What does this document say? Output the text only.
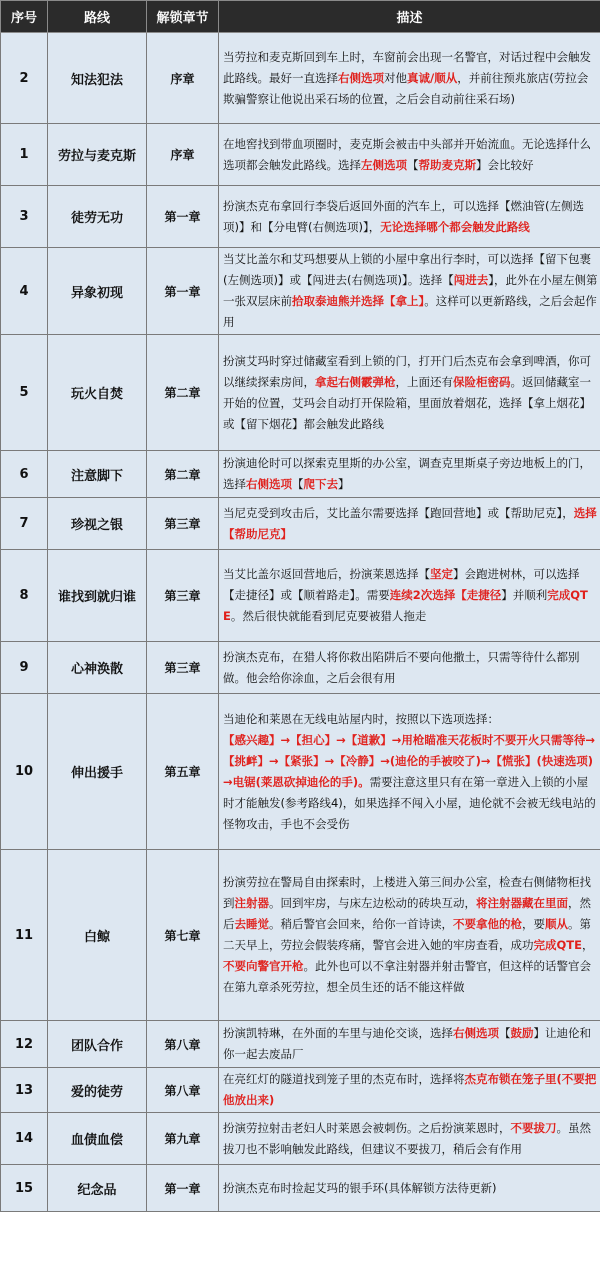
序号	路线	解锁章节	描述
2	知法犯法	序章	当劳拉和麦克斯回到车上时，车窗前会出现一名警官，对话过程中会触发此路线。最好一直选择右侧选项对他真诚/顺从，并前往预兆旅店(劳拉会欺骗警察让他说出采石场的位置，之后会自动前往采石场)
1	劳拉与麦克斯	序章	在地窖找到带血项圈时，麦克斯会被击中头部并开始流血。无论选择什么选项都会触发此路线。选择左侧选项【帮助麦克斯】会比较好
3	徒劳无功	第一章	扮演杰克布拿回行李袋后返回外面的汽车上，可以选择【燃油管(左侧选项)】和【分电臂(右侧选项)】，无论选择哪个都会触发此路线
4	异象初现	第一章	当艾比盖尔和艾玛想要从上锁的小屋中拿出行李时，可以选择【留下包裹(左侧选项)】或【闯进去(右侧选项)】。选择【闯进去】，此外在小屋左侧第一张双层床前拾取泰迪熊并选择【拿上】。这样可以更新路线，之后会起作用
5	玩火自焚	第二章	扮演艾玛时穿过储藏室看到上锁的门，打开门后杰克布会拿到啤酒，你可以继续探索房间，拿起右侧霰弹枪，上面还有保险柜密码。返回储藏室一开始的位置，艾玛会自动打开保险箱，里面放着烟花，选择【拿上烟花】或【留下烟花】都会触发此路线
6	注意脚下	第二章	扮演迪伦时可以探索克里斯的办公室，调查克里斯桌子旁边地板上的门，选择右侧选项【爬下去】
7	珍视之银	第三章	当尼克受到攻击后，艾比盖尔需要选择【跑回营地】或【帮助尼克】，选择【帮助尼克】
8	谁找到就归谁	第三章	当艾比盖尔返回营地后，扮演莱恩选择【坚定】会跑进树林，可以选择【走捷径】或【顺着路走】。需要连续2次选择【走捷径】并顺利完成QTE。然后很快就能看到尼克要被猎人拖走
9	心神涣散	第三章	扮演杰克布，在猎人将你救出陷阱后不要向他撒土，只需等待什么都别做。他会给你涂血，之后会很有用
10	伸出援手	第五章	当迪伦和莱恩在无线电站屋内时，按照以下选项选择：
【感兴趣】→【担心】→【道歉】→用枪瞄准天花板时不要开火只需等待→【挑衅】→【紧张】→【冷静】→(迪伦的手被咬了)→【慌张】(快速选项)→电锯(莱恩砍掉迪伦的手)。需要注意这里只有在第一章进入上锁的小屋时才能触发(参考路线4)，如果选择不闯入小屋，迪伦就不会被无线电站的怪物攻击，手也不会受伤
11	白鲸	第七章	扮演劳拉在警局自由探索时，上楼进入第三间办公室，检查右侧储物柜找到注射器。回到牢房，与床左边松动的砖块互动，将注射器藏在里面，然后去睡觉。稍后警官会回来，给你一首诗读，不要拿他的枪，要顺从。第二天早上，劳拉会假装疼痛，警官会进入她的牢房查看，成功完成QTE，不要向警官开枪。此外也可以不拿注射器并射击警官，但这样的话警官会在第九章杀死劳拉，想全员生还的话不能这样做
12	团队合作	第八章	扮演凯特琳，在外面的车里与迪伦交谈，选择右侧选项【鼓励】让迪伦和你一起去废品厂
13	爱的徒劳	第八章	在亮红灯的隧道找到笼子里的杰克布时，选择将杰克布锁在笼子里(不要把他放出来)
14	血债血偿	第九章	扮演劳拉射击老妇人时莱恩会被刺伤。之后扮演莱恩时，不要拔刀。虽然拔刀也不影响触发此路线，但建议不要拔刀，稍后会有作用
15	纪念品	第一章	扮演杰克布时捡起艾玛的银手环(具体解锁方法待更新)
